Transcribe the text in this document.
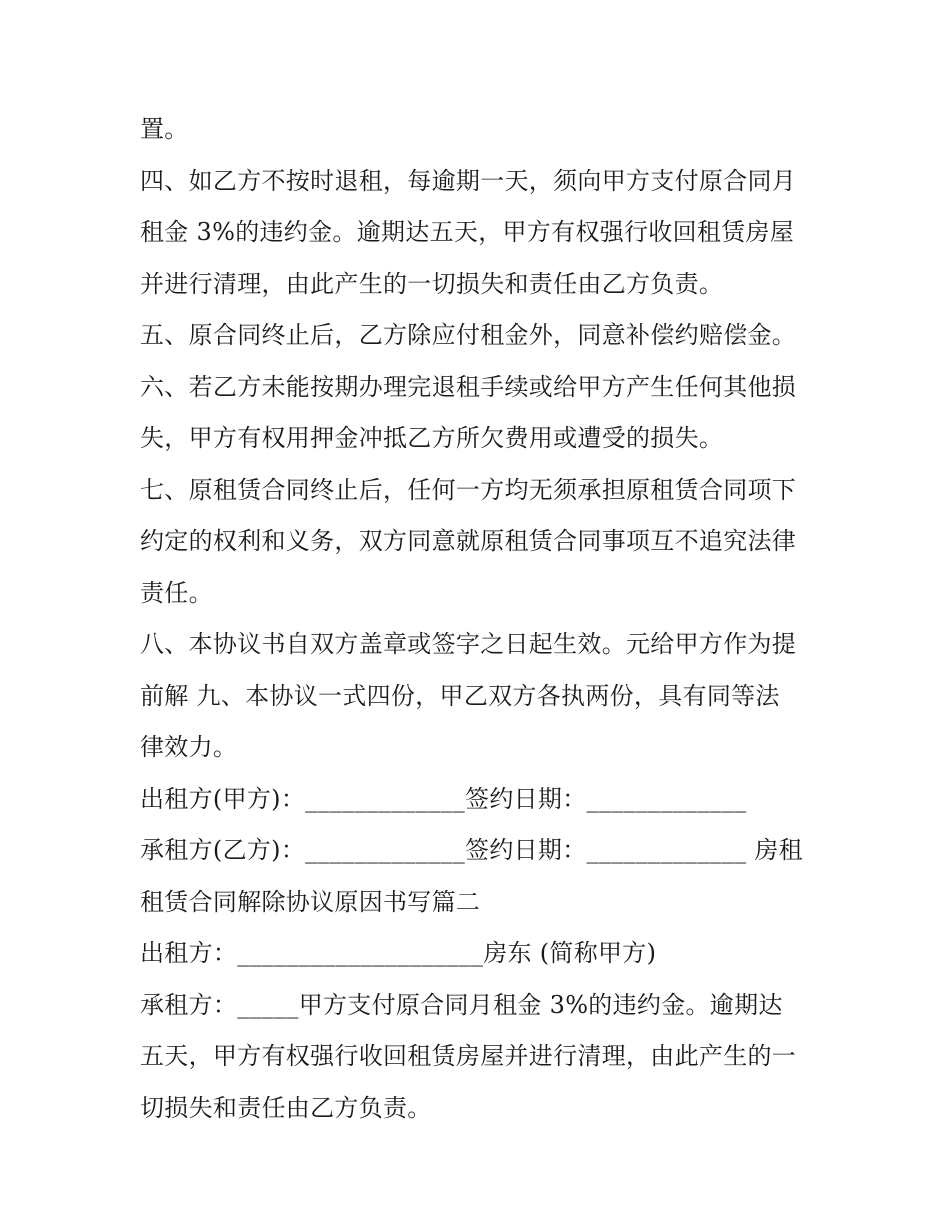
置。
四、如乙方不按时退租，每逾期一天，须向甲方支付原合同月
租金 3%的违约金。逾期达五天，甲方有权强行收回租赁房屋
并进行清理，由此产生的一切损失和责任由乙方负责。
五、原合同终止后，乙方除应付租金外，同意补偿约赔偿金。
六、若乙方未能按期办理完退租手续或给甲方产生任何其他损
失，甲方有权用押金冲抵乙方所欠费用或遭受的损失。
七、原租赁合同终止后，任何一方均无须承担原租赁合同项下
约定的权利和义务，双方同意就原租赁合同事项互不追究法律
责任。
八、本协议书自双方盖章或签字之日起生效。元给甲方作为提
前解 九、本协议一式四份，甲乙双方各执两份，具有同等法
律效力。
出租方(甲方)：_____________签约日期：_____________
承租方(乙方)：_____________签约日期：_____________ 房租
租赁合同解除协议原因书写篇二
出租方：____________________房东 (简称甲方)
承租方：_____甲方支付原合同月租金 3%的违约金。逾期达
五天，甲方有权强行收回租赁房屋并进行清理，由此产生的一
切损失和责任由乙方负责。
